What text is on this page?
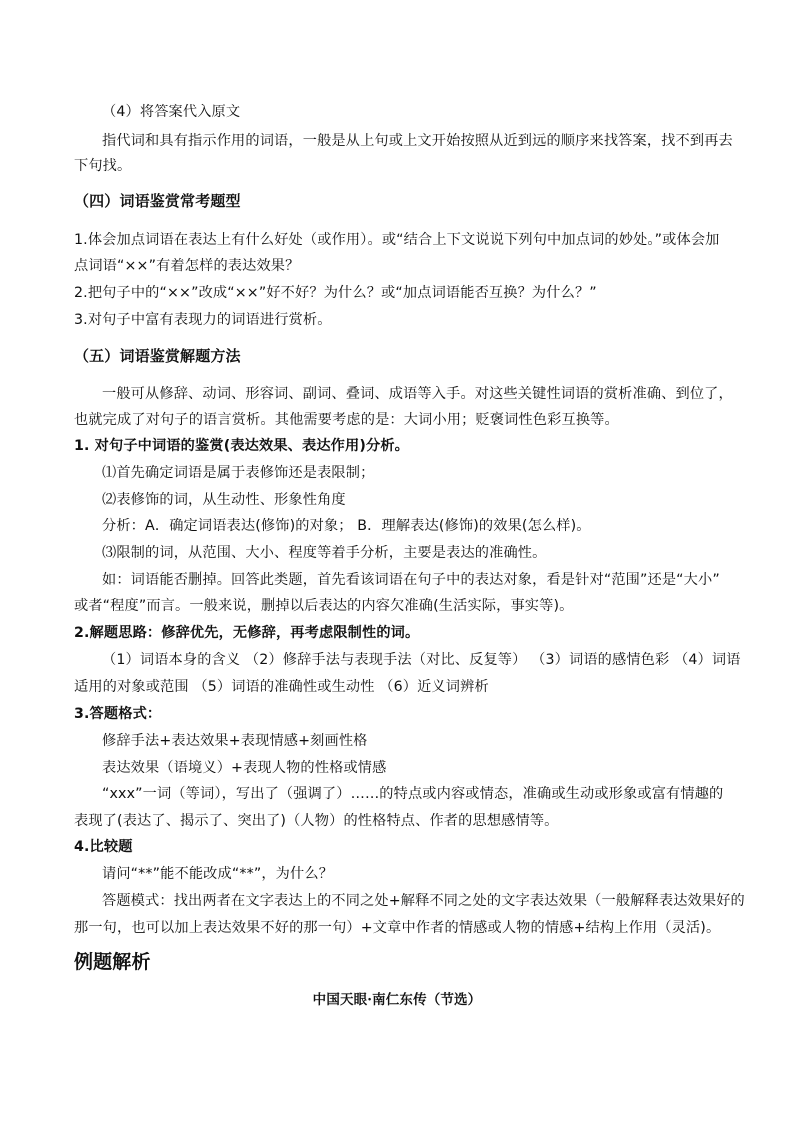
（4）将答案代入原文
指代词和具有指示作用的词语，一般是从上句或上文开始按照从近到远的顺序来找答案，找不到再去
下句找。
（四）词语鉴赏常考题型
1.体会加点词语在表达上有什么好处（或作用）。或“结合上下文说说下列句中加点词的妙处。”或体会加
点词语“××”有着怎样的表达效果？
2.把句子中的“××”改成“××”好不好？为什么？或“加点词语能否互换？为什么？”
3.对句子中富有表现力的词语进行赏析。
（五）词语鉴赏解题方法
一般可从修辞、动词、形容词、副词、叠词、成语等入手。对这些关键性词语的赏析准确、到位了，
也就完成了对句子的语言赏析。其他需要考虑的是：大词小用；贬褒词性色彩互换等。
1. 对句子中词语的鉴赏(表达效果、表达作用)分析。
⑴首先确定词语是属于表修饰还是表限制；
⑵表修饰的词，从生动性、形象性角度
分析：A．确定词语表达(修饰)的对象； B．理解表达(修饰)的效果(怎么样)。
⑶限制的词，从范围、大小、程度等着手分析，主要是表达的准确性。
如：词语能否删掉。回答此类题，首先看该词语在句子中的表达对象，看是针对“范围”还是“大小”
或者“程度”而言。一般来说，删掉以后表达的内容欠准确(生活实际，事实等)。
2.解题思路：修辞优先，无修辞，再考虑限制性的词。
（1）词语本身的含义 （2）修辞手法与表现手法（对比、反复等） （3）词语的感情色彩 （4）词语
适用的对象或范围 （5）词语的准确性或生动性 （6）近义词辨析
3.答题格式：
修辞手法+表达效果+表现情感+刻画性格
表达效果（语境义）+表现人物的性格或情感
“xxx”一词（等词），写出了（强调了）……的特点或内容或情态，准确或生动或形象或富有情趣的
表现了(表达了、揭示了、突出了)（人物）的性格特点、作者的思想感情等。
4.比较题
请问“**”能不能改成“**”，为什么？
答题模式：找出两者在文字表达上的不同之处+解释不同之处的文字表达效果（一般解释表达效果好的
那一句，也可以加上表达效果不好的那一句）+文章中作者的情感或人物的情感+结构上作用（灵活)。
例题解析
中国天眼·南仁东传（节选）
